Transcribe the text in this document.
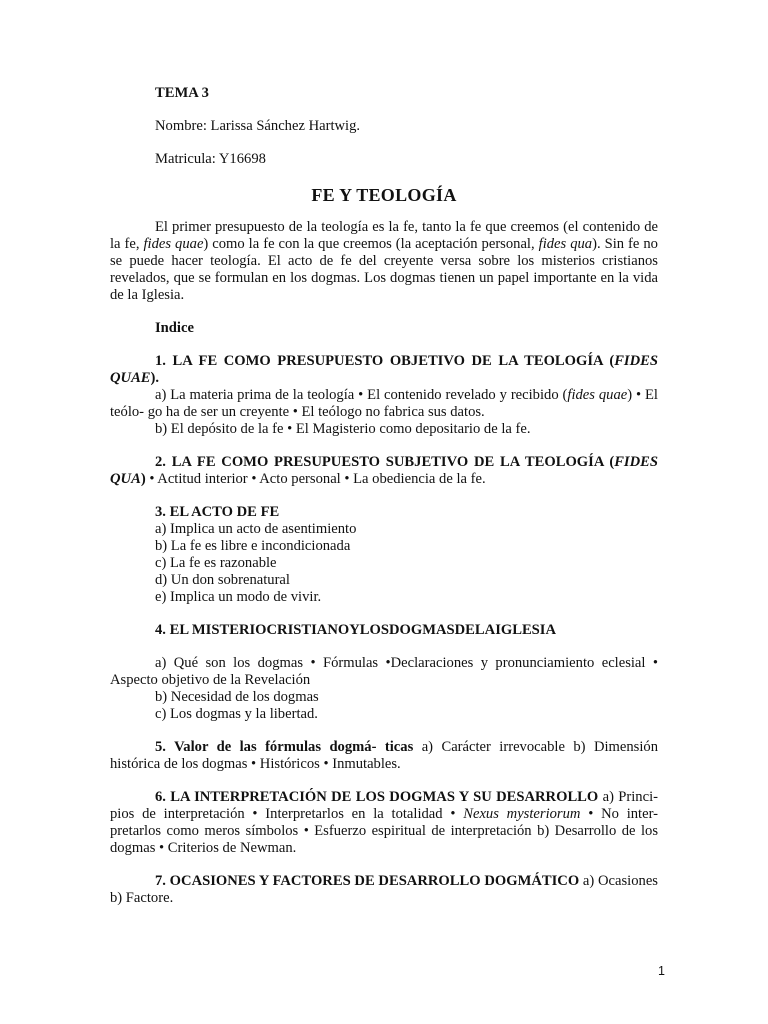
TEMA 3

Nombre: Larissa Sánchez Hartwig.

Matricula: Y16698

FE Y TEOLOGÍA

El primer presupuesto de la teología es la fe, tanto la fe que creemos (el contenido de la fe, fides quae) como la fe con la que creemos (la aceptación personal, fides qua). Sin fe no se puede hacer teología. El acto de fe del creyente versa sobre los misterios cristianos revelados, que se formulan en los dogmas. Los dogmas tienen un papel importante en la vida de la Iglesia.

Indice

1. LA FE COMO PRESUPUESTO OBJETIVO DE LA TEOLOGÍA (FIDES QUAE).

a) La materia prima de la teología • El contenido revelado y recibido (fides quae) • El teólo- go ha de ser un creyente • El teólogo no fabrica sus datos.

b) El depósito de la fe • El Magisterio como depositario de la fe.

2. LA FE COMO PRESUPUESTO SUBJETIVO DE LA TEOLOGÍA (FIDES QUA) • Actitud interior • Acto personal • La obediencia de la fe.

3. EL ACTO DE FE

a) Implica un acto de asentimiento

b) La fe es libre e incondicionada

c) La fe es razonable

d) Un don sobrenatural

e) Implica un modo de vivir.

4. EL MISTERIOCRISTIANOYLOSDOGMASDELAIGLESIA

a) Qué son los dogmas • Fórmulas •Declaraciones y pronunciamiento eclesial • Aspecto objetivo de la Revelación

b) Necesidad de los dogmas

c) Los dogmas y la libertad.

5. Valor de las fórmulas dogmá- ticas a) Carácter irrevocable b) Dimensión histórica de los dogmas • Históricos • Inmutables.

6. LA INTERPRETACIÓN DE LOS DOGMAS Y SU DESARROLLO a) Princi- pios de interpretación • Interpretarlos en la totalidad • Nexus mysteriorum • No inter- pretarlos como meros símbolos • Esfuerzo espiritual de interpretación b) Desarrollo de los dogmas • Criterios de Newman.

7. OCASIONES Y FACTORES DE DESARROLLO DOGMÁTICO a) Ocasiones b) Factore.

1
